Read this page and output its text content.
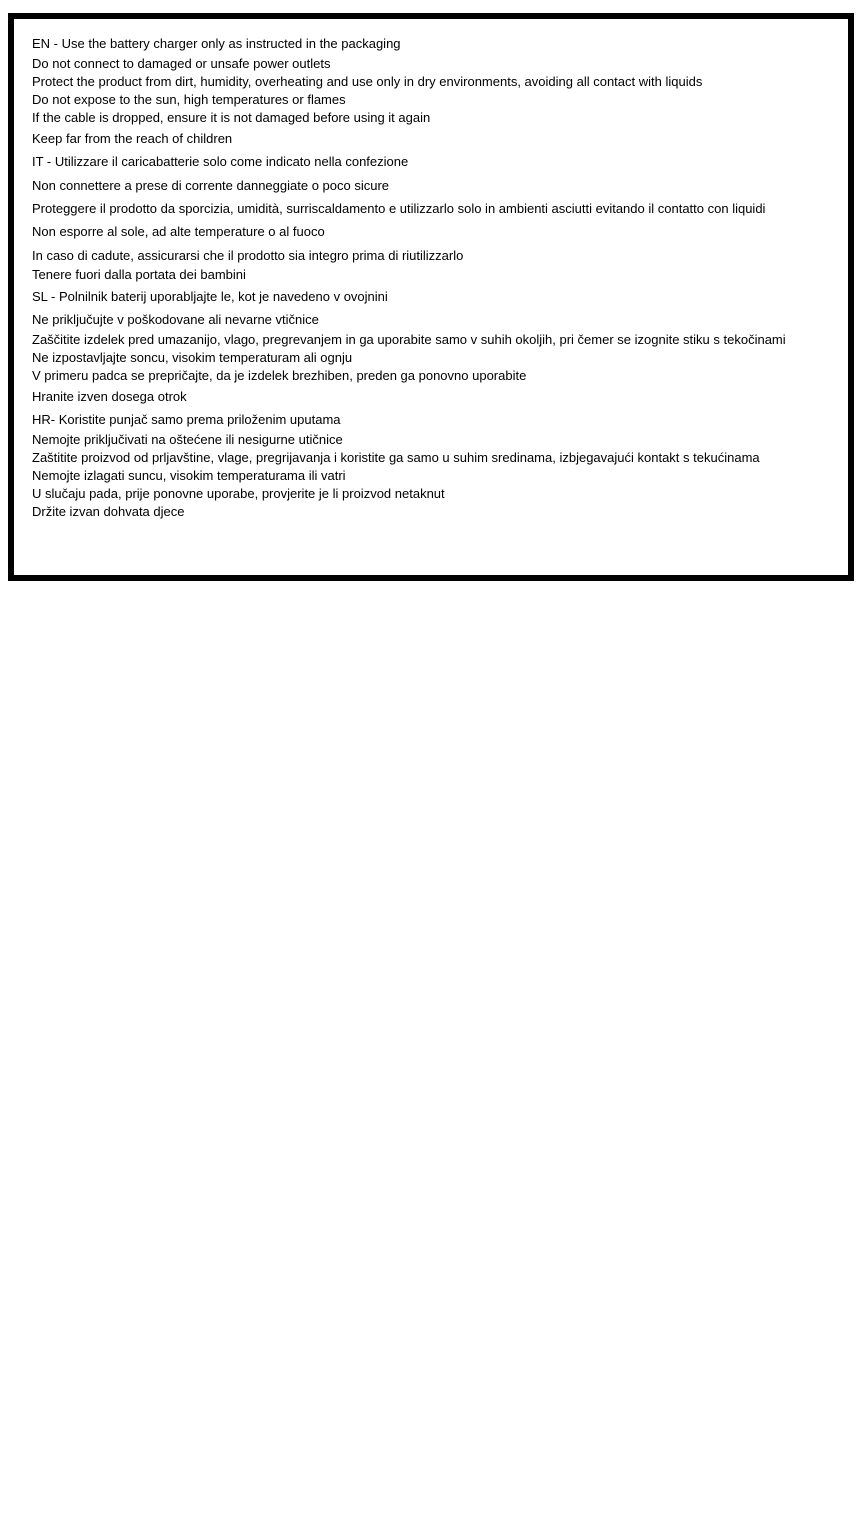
EN - Use the battery charger only as instructed in the packaging
Do not connect to damaged or unsafe power outlets
Protect the product from dirt, humidity, overheating and use only in dry environments, avoiding all contact with liquids
Do not expose to the sun, high temperatures or flames
If the cable is dropped, ensure it is not damaged before using it again
Keep far from the reach of children
IT - Utilizzare il caricabatterie solo come indicato nella confezione
Non connettere a prese di corrente danneggiate o poco sicure
Proteggere il prodotto da sporcizia, umidità, surriscaldamento e utilizzarlo solo in ambienti asciutti evitando il contatto con liquidi
Non esporre al sole, ad alte temperature o al fuoco
In caso di cadute, assicurarsi che il prodotto sia integro prima di riutilizzarlo
Tenere fuori dalla portata dei bambini
SL - Polnilnik baterij uporabljajte le, kot je navedeno v ovojnini
Ne priključujte v poškodovane ali nevarne vtičnice
Zaščitite izdelek pred umazanijo, vlago, pregrevanjem in ga uporabite samo v suhih okoljih, pri čemer se izognite stiku s tekočinami
Ne izpostavljajte soncu, visokim temperaturam ali ognju
V primeru padca se prepričajte, da je izdelek brezhiben, preden ga ponovno uporabite
Hranite izven dosega otrok
HR- Koristite punjač samo prema priloženim uputama
Nemojte priključivati na oštećene ili nesigurne utičnice
Zaštitite proizvod od prljavštine, vlage, pregrijavanja i koristite ga samo u suhim sredinama, izbjegavajući kontakt s tekućinama
Nemojte izlagati suncu, visokim temperaturama ili vatri
U slučaju pada, prije ponovne uporabe, provjerite je li proizvod netaknut
Držite izvan dohvata djece
